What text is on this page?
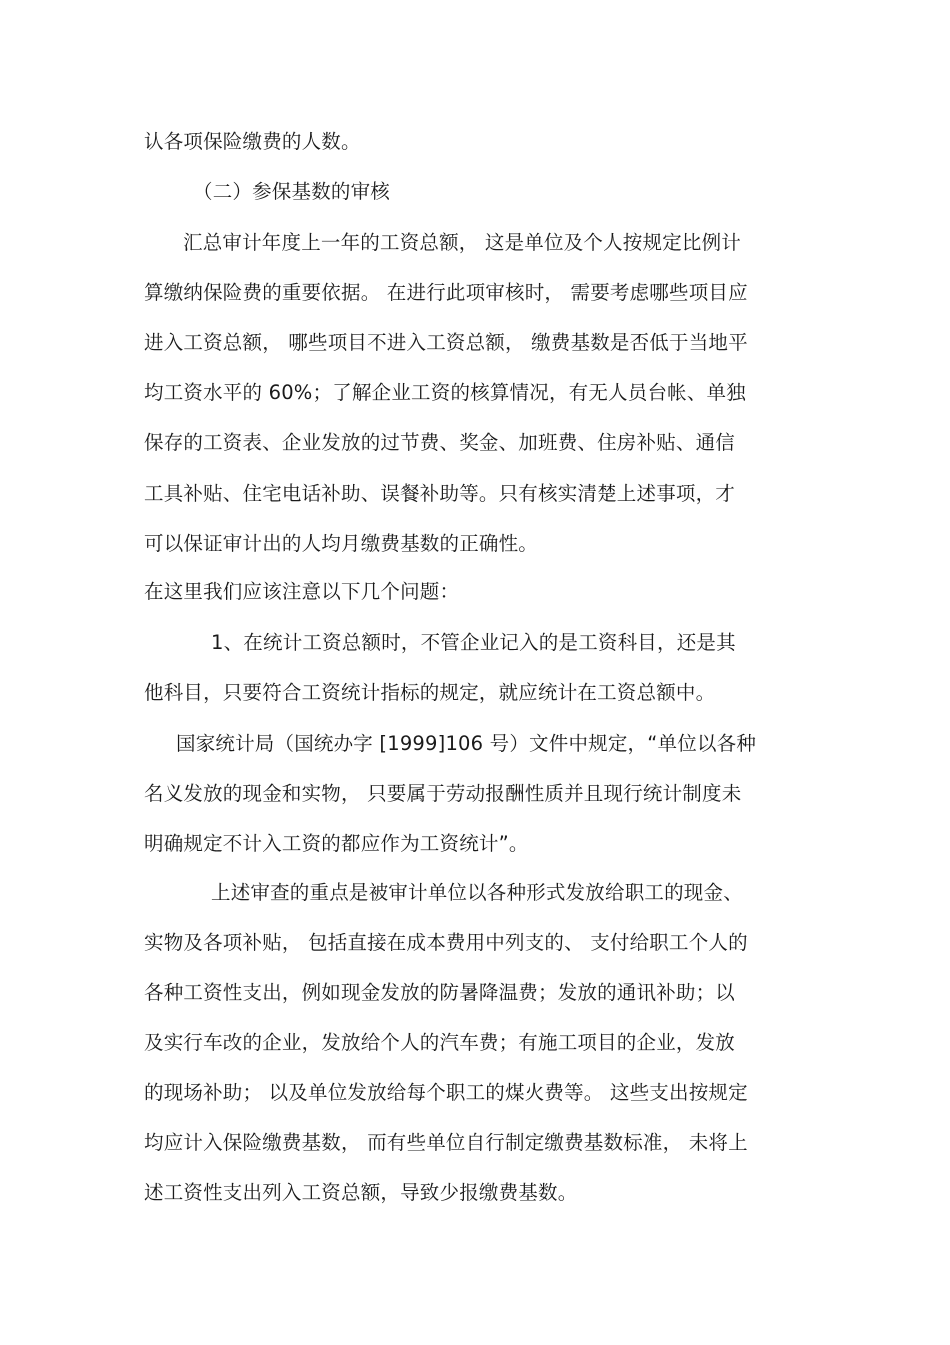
认各项保险缴费的人数。
（二）参保基数的审核
汇总审计年度上一年的工资总额， 这是单位及个人按规定比例计
算缴纳保险费的重要依据。 在进行此项审核时， 需要考虑哪些项目应
进入工资总额， 哪些项目不进入工资总额， 缴费基数是否低于当地平
均工资水平的 60%；了解企业工资的核算情况，有无人员台帐、单独
保存的工资表、企业发放的过节费、奖金、加班费、住房补贴、通信
工具补贴、住宅电话补助、误餐补助等。只有核实清楚上述事项，才
可以保证审计出的人均月缴费基数的正确性。
在这里我们应该注意以下几个问题：
1、在统计工资总额时，不管企业记入的是工资科目，还是其
他科目，只要符合工资统计指标的规定，就应统计在工资总额中。
国家统计局（国统办字 [1999]106 号）文件中规定，“单位以各种
名义发放的现金和实物， 只要属于劳动报酬性质并且现行统计制度未
明确规定不计入工资的都应作为工资统计”。
上述审查的重点是被审计单位以各种形式发放给职工的现金、
实物及各项补贴， 包括直接在成本费用中列支的、 支付给职工个人的
各种工资性支出，例如现金发放的防暑降温费；发放的通讯补助；以
及实行车改的企业，发放给个人的汽车费；有施工项目的企业，发放
的现场补助； 以及单位发放给每个职工的煤火费等。 这些支出按规定
均应计入保险缴费基数， 而有些单位自行制定缴费基数标准， 未将上
述工资性支出列入工资总额，导致少报缴费基数。
